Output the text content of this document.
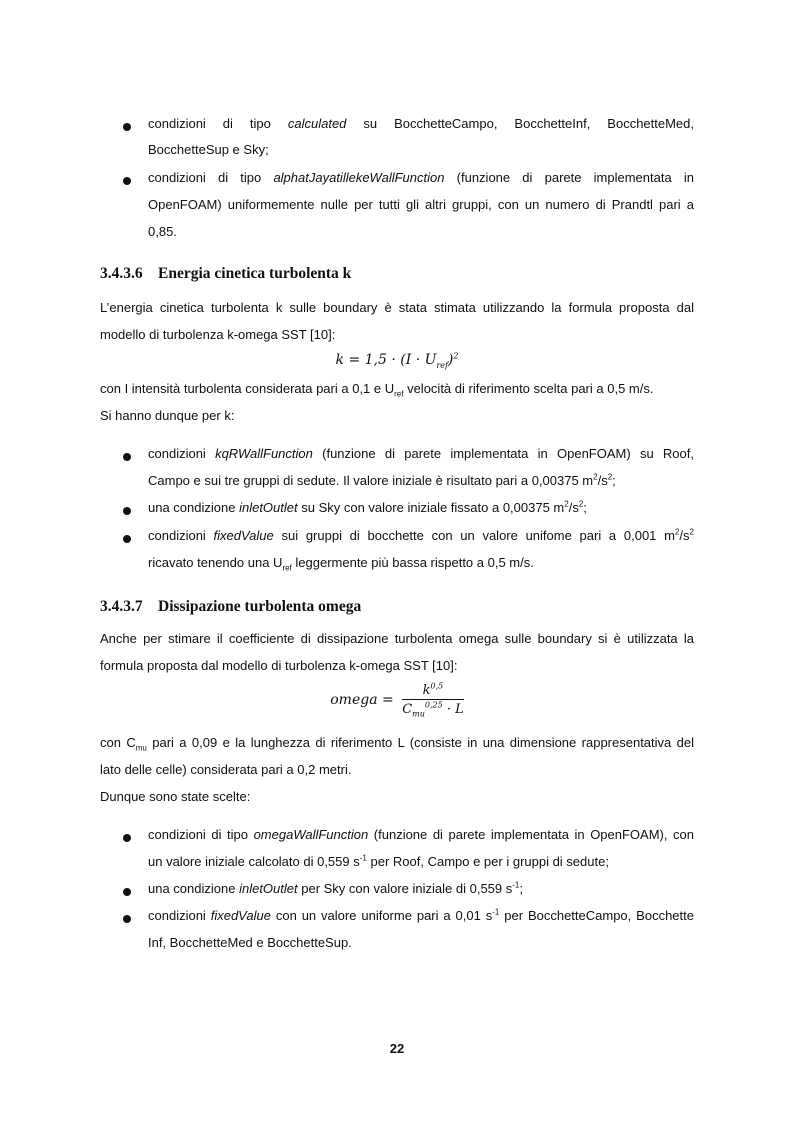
condizioni di tipo calculated su BocchetteCampo, BocchetteInf, BocchetteMed,
BocchetteSup e Sky;
condizioni di tipo alphatJayatillekeWallFunction (funzione di parete implementata in
OpenFOAM) uniformemente nulle per tutti gli altri gruppi, con un numero di Prandtl pari a
0,85.
3.4.3.6 Energia cinetica turbolenta k
L’energia cinetica turbolenta k sulle boundary è stata stimata utilizzando la formula proposta dal
modello di turbolenza k-omega SST [10]:
$k = 1,5 \cdot (I \cdot U_{ref})^2$
con I intensità turbolenta considerata pari a 0,1 e $U_{ref}$ velocità di riferimento scelta pari a 0,5 m/s.
Si hanno dunque per k:
condizioni kqRWallFunction (funzione di parete implementata in OpenFOAM) su Roof,
Campo e sui tre gruppi di sedute. Il valore iniziale è risultato pari a 0,00375 $m^2/s^2$;
una condizione inletOutlet su Sky con valore iniziale fissato a 0,00375 $m^2/s^2$;
condizioni fixedValue sui gruppi di bocchette con un valore unifome pari a 0,001 $m^2/s^2$
ricavato tenendo una $U_{ref}$ leggermente più bassa rispetto a 0,5 m/s.
3.4.3.7 Dissipazione turbolenta omega
Anche per stimare il coefficiente di dissipazione turbolenta omega sulle boundary si è utilizzata la
formula proposta dal modello di turbolenza k-omega SST [10]:
omega = $\frac{k^{0,5}}{C_{mu}^{0,25} \cdot L}$
con $C_{mu}$ pari a 0,09 e la lunghezza di riferimento L (consiste in una dimensione rappresentativa del
lato delle celle) considerata pari a 0,2 metri.
Dunque sono state scelte:
condizioni di tipo omegaWallFunction (funzione di parete implementata in OpenFOAM), con
un valore iniziale calcolato di 0,559 $s^{-1}$ per Roof, Campo e per i gruppi di sedute;
una condizione inletOutlet per Sky con valore iniziale di 0,559 $s^{-1}$;
condizioni fixedValue con un valore uniforme pari a 0,01 $s^{-1}$ per BocchetteCampo, Bocchette
Inf, BocchetteMed e BocchetteSup.
22
